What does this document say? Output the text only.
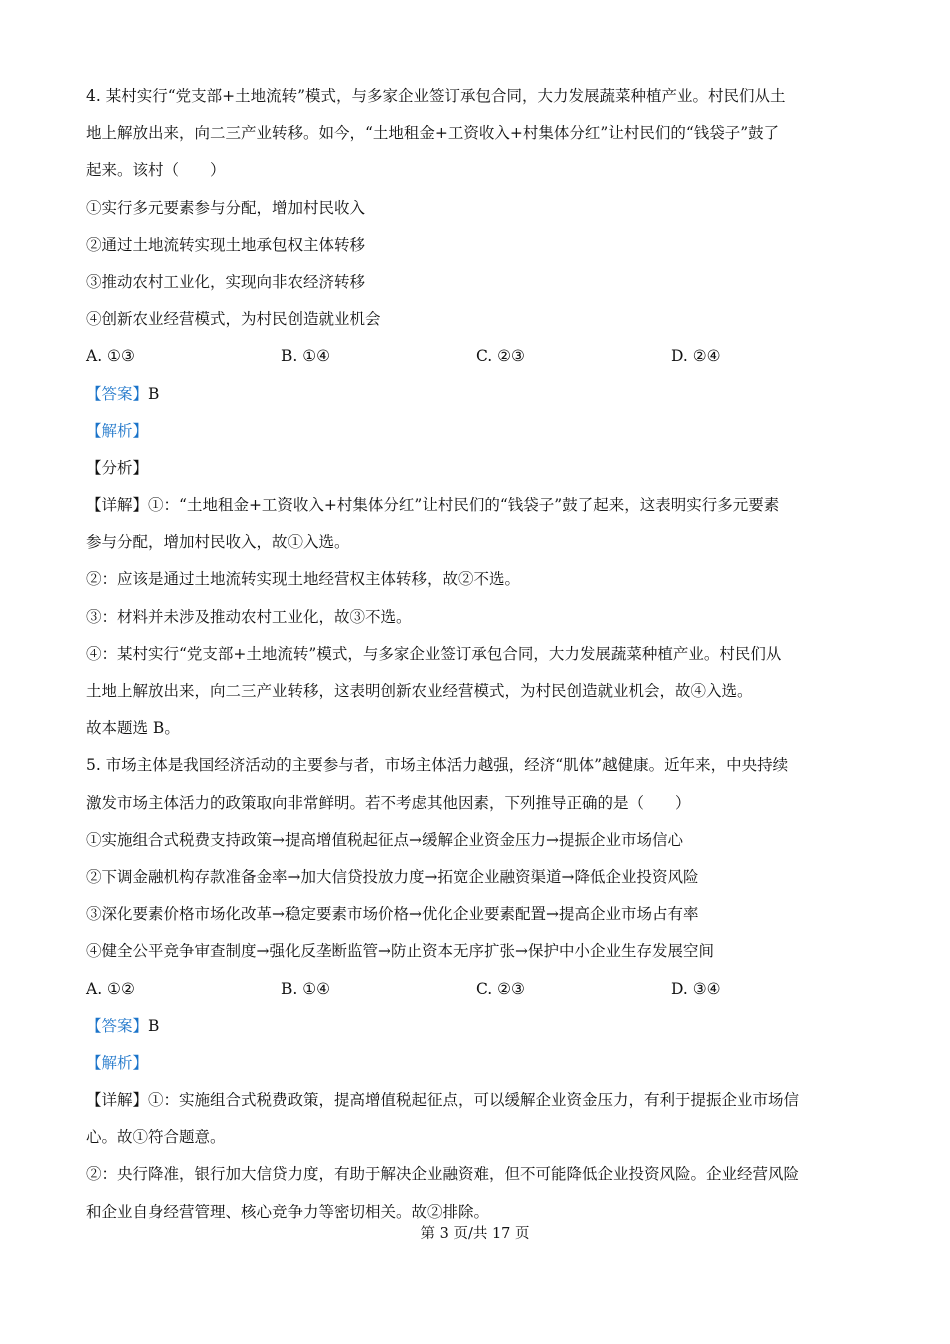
4. 某村实行“党支部+土地流转”模式，与多家企业签订承包合同，大力发展蔬菜种植产业。村民们从土
地上解放出来，向二三产业转移。如今，“土地租金+工资收入+村集体分红”让村民们的“钱袋子”鼓了
起来。该村（　　）
①实行多元要素参与分配，增加村民收入
②通过土地流转实现土地承包权主体转移
③推动农村工业化，实现向非农经济转移
④创新农业经营模式，为村民创造就业机会
A. ①③	B. ①④	C. ②③	D. ②④
【答案】B
【解析】
【分析】
【详解】①：“土地租金+工资收入+村集体分红”让村民们的“钱袋子”鼓了起来，这表明实行多元要素
参与分配，增加村民收入，故①入选。
②：应该是通过土地流转实现土地经营权主体转移，故②不选。
③：材料并未涉及推动农村工业化，故③不选。
④：某村实行“党支部+土地流转”模式，与多家企业签订承包合同，大力发展蔬菜种植产业。村民们从
土地上解放出来，向二三产业转移，这表明创新农业经营模式，为村民创造就业机会，故④入选。
故本题选 B。
5. 市场主体是我国经济活动的主要参与者，市场主体活力越强，经济“肌体”越健康。近年来，中央持续
激发市场主体活力的政策取向非常鲜明。若不考虑其他因素，下列推导正确的是（　　）
①实施组合式税费支持政策→提高增值税起征点→缓解企业资金压力→提振企业市场信心
②下调金融机构存款准备金率→加大信贷投放力度→拓宽企业融资渠道→降低企业投资风险
③深化要素价格市场化改革→稳定要素市场价格→优化企业要素配置→提高企业市场占有率
④健全公平竞争审查制度→强化反垄断监管→防止资本无序扩张→保护中小企业生存发展空间
A. ①②	B. ①④	C. ②③	D. ③④
【答案】B
【解析】
【详解】①：实施组合式税费政策，提高增值税起征点，可以缓解企业资金压力，有利于提振企业市场信
心。故①符合题意。
②：央行降准，银行加大信贷力度，有助于解决企业融资难，但不可能降低企业投资风险。企业经营风险
和企业自身经营管理、核心竞争力等密切相关。故②排除。
第 3 页/共 17 页
